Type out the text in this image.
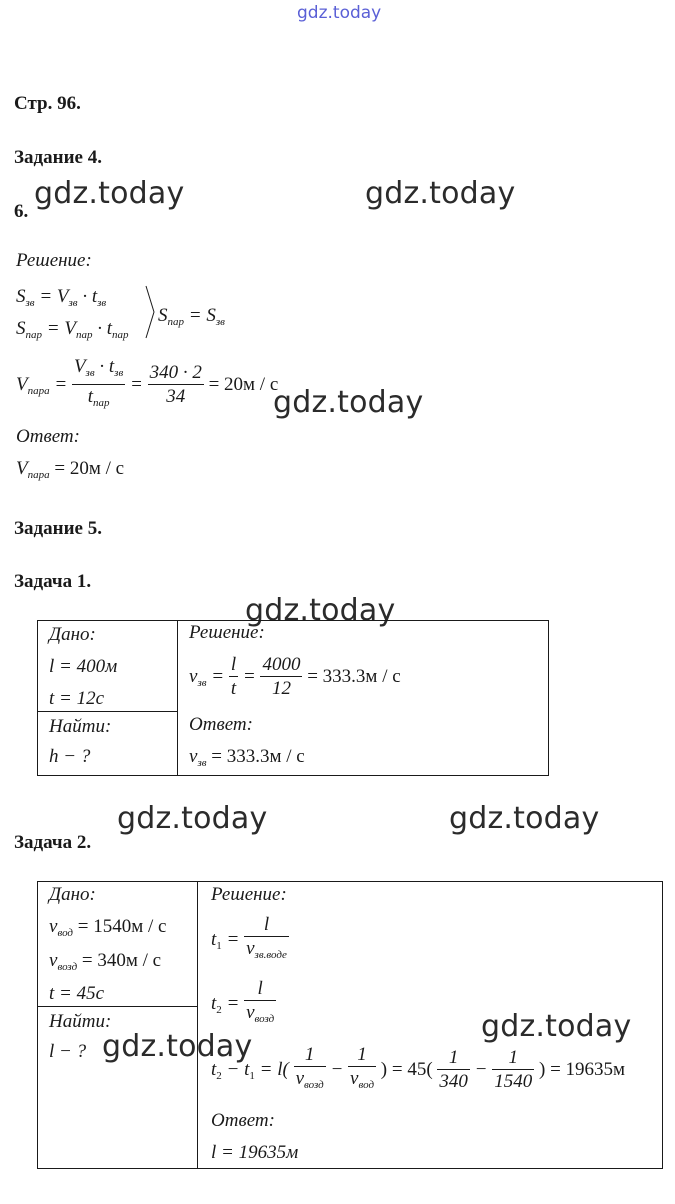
gdz.today
Стр. 96.
Задание 4.
6.
gdz.today	gdz.today
Решение:
$S_{зв} = V_{зв} \cdot t_{зв}$
$S_{пар} = V_{пар} \cdot t_{пар}$
$S_{пар} = S_{зв}$
$V_{пара} = \frac{V_{зв} \cdot t_{зв}}{t_{пар}} = \frac{340 \cdot 2}{34} = 20м / с$
gdz.today
Ответ:
$V_{пара} = 20м / с$
Задание 5.
Задача 1.
gdz.today
Дано:
l = 400м
t = 12с
Найти:
h − ?
Решение:
$v_{зв} = \frac{l}{t} = \frac{4000}{12} = 333.3м / с$
Ответ:
$v_{зв} = 333.3м / с$
gdz.today	gdz.today
Задача 2.
Дано:
$v_{вод} = 1540м / с$
$v_{возд} = 340м / с$
t = 45с
Найти:
l − ?
Решение:
$t_1 = \frac{l}{v_{зв.воде}}$
$t_2 = \frac{l}{v_{возд}}$
$t_2 - t_1 = l( \frac{1}{v_{возд}} - \frac{1}{v_{вод}}$ ) = $45( \frac{1}{340} - \frac{1}{1540}$ ) = 19635м
Ответ:
l = 19635м
gdz.today
gdz.today
